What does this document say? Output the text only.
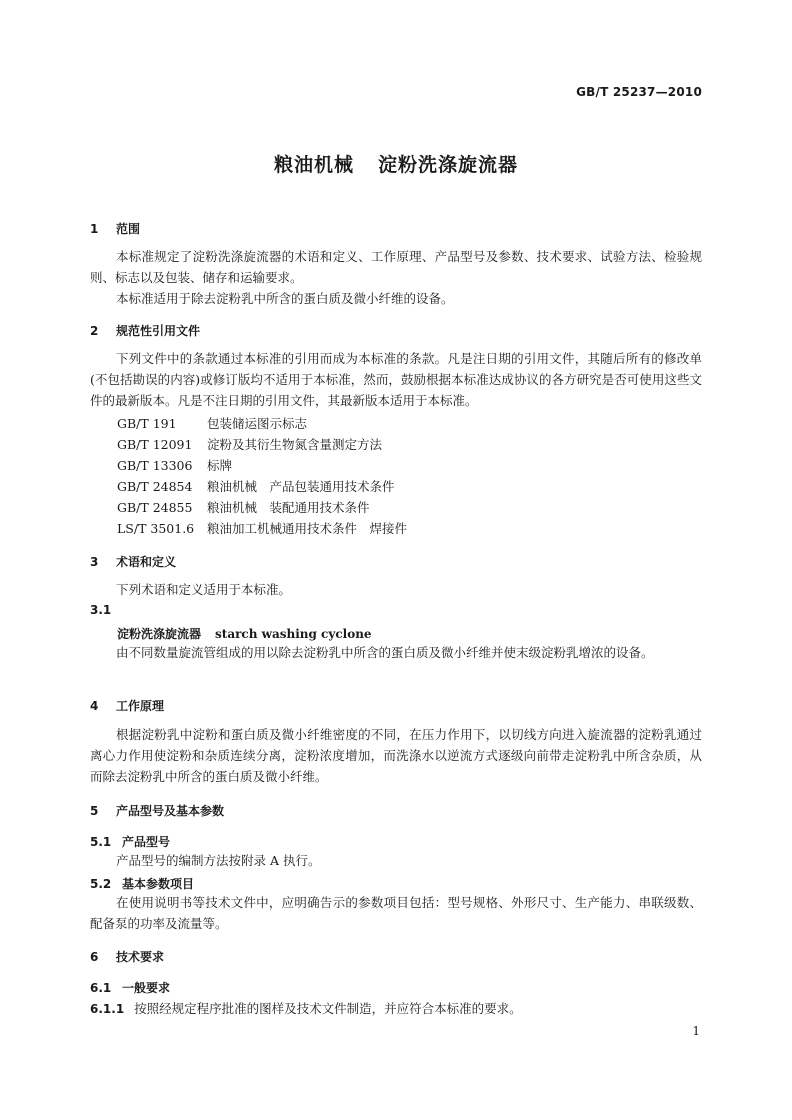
GB/T 25237—2010
粮油机械 淀粉洗涤旋流器
1 范围

本标准规定了淀粉洗涤旋流器的术语和定义、工作原理、产品型号及参数、技术要求、试验方法、检验规则、标志以及包装、储存和运输要求。

本标准适用于除去淀粉乳中所含的蛋白质及微小纤维的设备。

2 规范性引用文件

下列文件中的条款通过本标准的引用而成为本标准的条款。凡是注日期的引用文件，其随后所有的修改单(不包括勘误的内容)或修订版均不适用于本标准，然而，鼓励根据本标准达成协议的各方研究是否可使用这些文件的最新版本。凡是不注日期的引用文件，其最新版本适用于本标准。

GB/T 191 包装储运图示标志
GB/T 12091 淀粉及其衍生物氮含量测定方法
GB/T 13306 标牌
GB/T 24854 粮油机械　产品包装通用技术条件
GB/T 24855 粮油机械　装配通用技术条件
LS/T 3501.6 粮油加工机械通用技术条件　焊接件
3 术语和定义

下列术语和定义适用于本标准。

3.1
淀粉洗涤旋流器 starch washing cyclone

由不同数量旋流管组成的用以除去淀粉乳中所含的蛋白质及微小纤维并使末级淀粉乳增浓的设备。

4 工作原理

根据淀粉乳中淀粉和蛋白质及微小纤维密度的不同，在压力作用下，以切线方向进入旋流器的淀粉乳通过离心力作用使淀粉和杂质连续分离，淀粉浓度增加，而洗涤水以逆流方式逐级向前带走淀粉乳中所含杂质，从而除去淀粉乳中所含的蛋白质及微小纤维。

5 产品型号及基本参数
5.1 产品型号

产品型号的编制方法按附录 A 执行。

5.2 基本参数项目

在使用说明书等技术文件中，应明确告示的参数项目包括：型号规格、外形尺寸、生产能力、串联级数、配备泵的功率及流量等。

6 技术要求
6.1 一般要求
6.1.1 按照经规定程序批准的图样及技术文件制造，并应符合本标准的要求。
1
